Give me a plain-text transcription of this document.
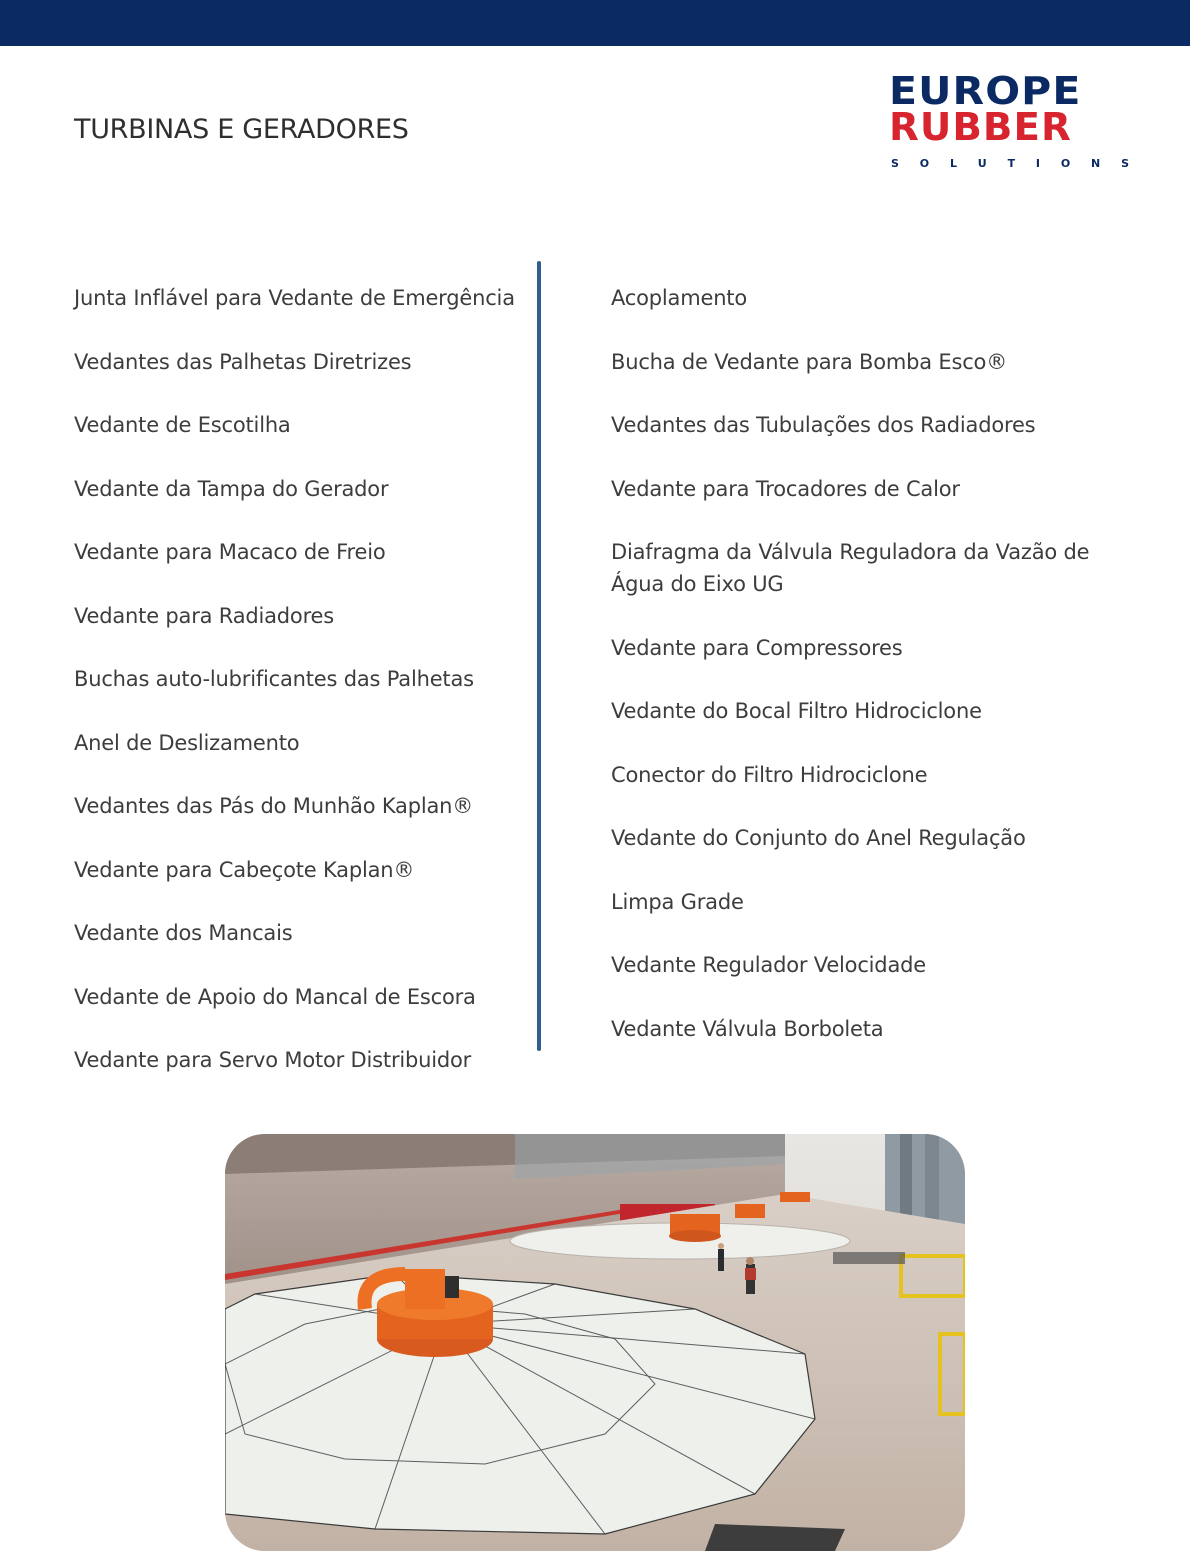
TURBINAS E GERADORES
EUROPE
RUBBER
S O L U T I O N S
Junta Inflável para Vedante de Emergência
Vedantes das Palhetas Diretrizes
Vedante de Escotilha
Vedante da Tampa do Gerador
Vedante para Macaco de Freio
Vedante para Radiadores
Buchas auto-lubrificantes das Palhetas
Anel de Deslizamento
Vedantes das Pás do Munhão Kaplan®
Vedante para Cabeçote Kaplan®
Vedante dos Mancais
Vedante de Apoio do Mancal de Escora
Vedante para Servo Motor Distribuidor
Acoplamento
Bucha de Vedante para Bomba Esco®
Vedantes das Tubulações dos Radiadores
Vedante para Trocadores de Calor
Diafragma da Válvula Reguladora da Vazão de Água do Eixo UG
Vedante para Compressores
Vedante do Bocal Filtro Hidrociclone
Conector do Filtro Hidrociclone
Vedante do Conjunto do Anel Regulação
Limpa Grade
Vedante Regulador Velocidade
Vedante Válvula Borboleta
